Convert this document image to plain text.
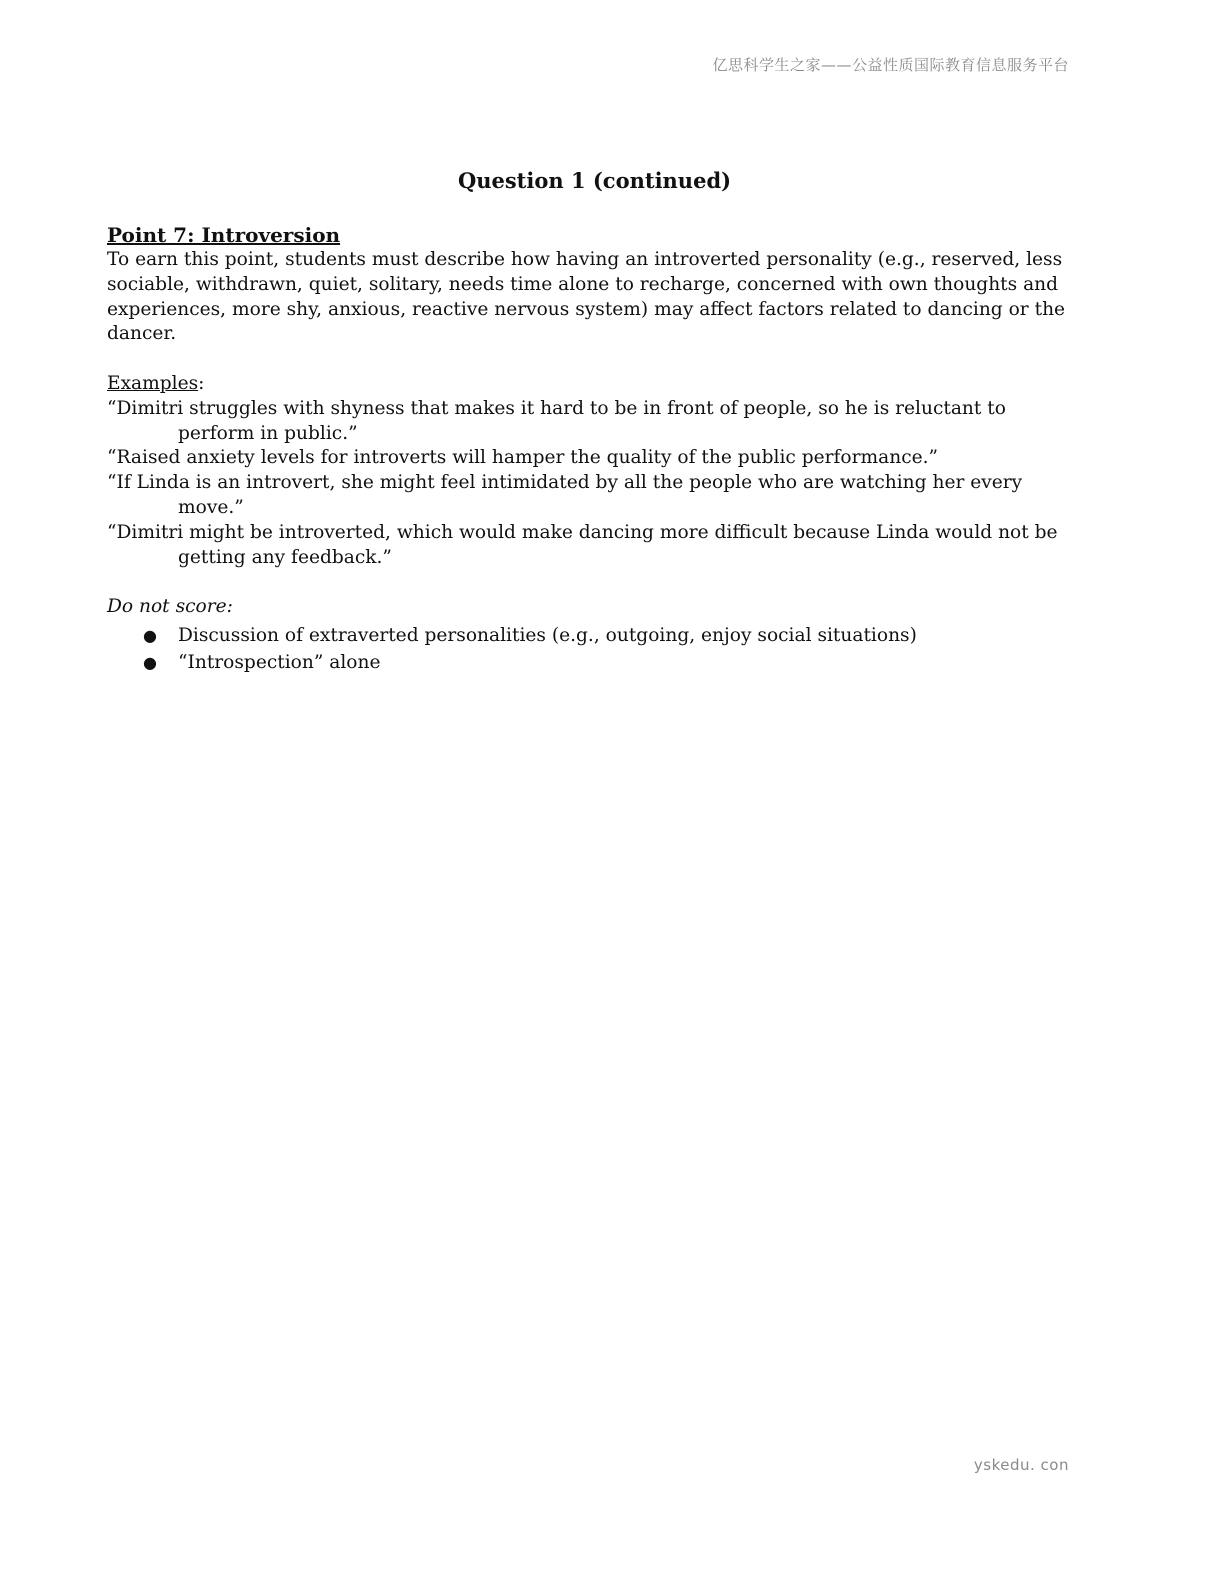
亿思科学生之家——公益性质国际教育信息服务平台
Question 1 (continued)
Point 7: Introversion

To earn this point, students must describe how having an introverted personality (e.g., reserved, less sociable, withdrawn, quiet, solitary, needs time alone to recharge, concerned with own thoughts and experiences, more shy, anxious, reactive nervous system) may affect factors related to dancing or the dancer.

Examples:

“Dimitri struggles with shyness that makes it hard to be in front of people, so he is reluctant to perform in public.”

“Raised anxiety levels for introverts will hamper the quality of the public performance.”

“If Linda is an introvert, she might feel intimidated by all the people who are watching her every move.”

“Dimitri might be introverted, which would make dancing more difficult because Linda would not be getting any feedback.”

Do not score:

● Discussion of extraverted personalities (e.g., outgoing, enjoy social situations)
● “Introspection” alone
yskedu. con
